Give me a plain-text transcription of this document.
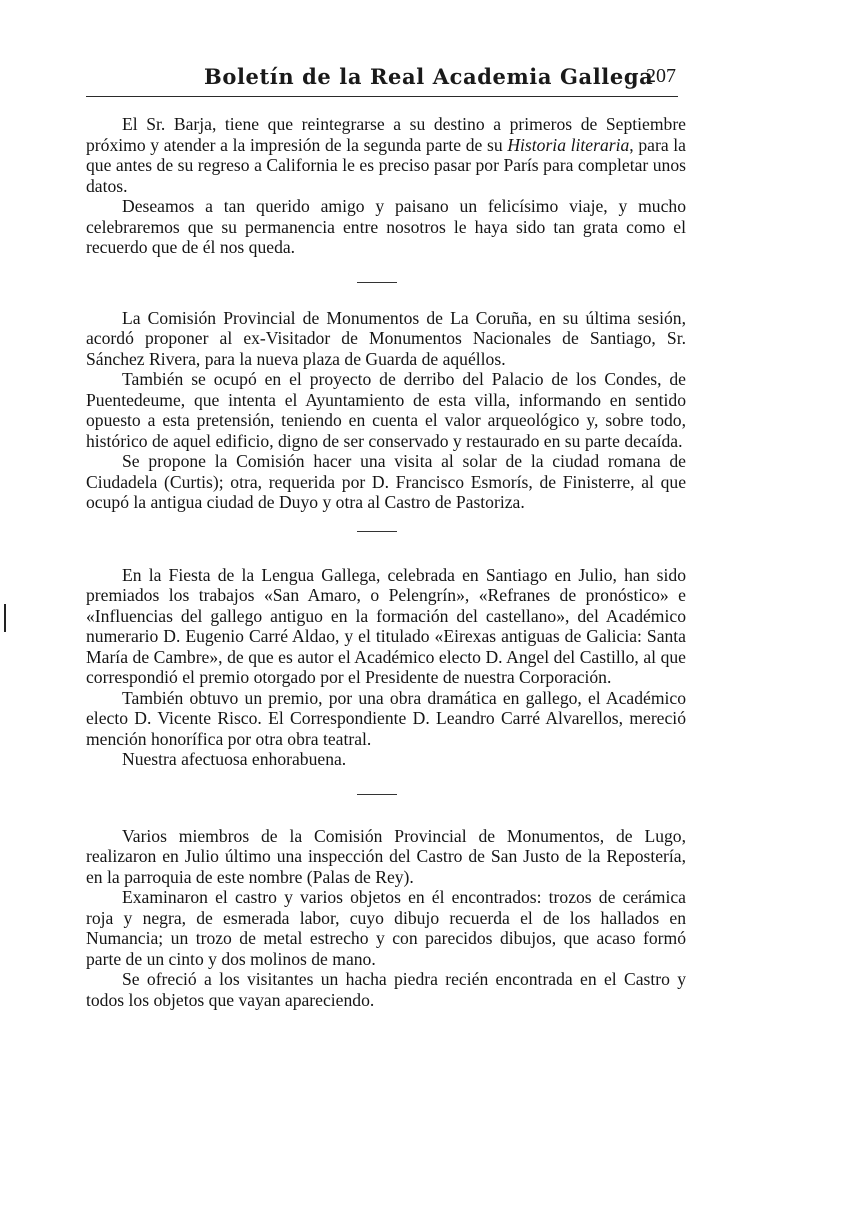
Boletín de la Real Academia Gallega
207

El Sr. Barja, tiene que reintegrarse a su destino a primeros de Septiembre próximo y atender a la impresión de la segunda parte de su Historia literaria, para la que antes de su regreso a California le es preciso pasar por París para completar unos datos.

Deseamos a tan querido amigo y paisano un felicísimo viaje, y mucho celebraremos que su permanencia entre nosotros le haya sido tan grata como el recuerdo que de él nos queda.

La Comisión Provincial de Monumentos de La Coruña, en su última sesión, acordó proponer al ex-Visitador de Monumentos Nacionales de Santiago, Sr. Sánchez Rivera, para la nueva plaza de Guarda de aquéllos.

También se ocupó en el proyecto de derribo del Palacio de los Condes, de Puentedeume, que intenta el Ayuntamiento de esta villa, informando en sentido opuesto a esta pretensión, teniendo en cuenta el valor arqueológico y, sobre todo, histórico de aquel edificio, digno de ser conservado y restaurado en su parte decaída.

Se propone la Comisión hacer una visita al solar de la ciudad romana de Ciudadela (Curtis); otra, requerida por D. Francisco Esmorís, de Finisterre, al que ocupó la antigua ciudad de Duyo y otra al Castro de Pastoriza.

En la Fiesta de la Lengua Gallega, celebrada en Santiago en Julio, han sido premiados los trabajos «San Amaro, o Pelengrín», «Refranes de pronóstico» e «Influencias del gallego antiguo en la formación del castellano», del Académico numerario D. Eugenio Carré Aldao, y el titulado «Eirexas antiguas de Galicia: Santa María de Cambre», de que es autor el Académico electo D. Angel del Castillo, al que correspondió el premio otorgado por el Presidente de nuestra Corporación.

También obtuvo un premio, por una obra dramática en gallego, el Académico electo D. Vicente Risco. El Correspondiente D. Leandro Carré Alvarellos, mereció mención honorífica por otra obra teatral.

Nuestra afectuosa enhorabuena.

Varios miembros de la Comisión Provincial de Monumentos, de Lugo, realizaron en Julio último una inspección del Castro de San Justo de la Repostería, en la parroquia de este nombre (Palas de Rey).

Examinaron el castro y varios objetos en él encontrados: trozos de cerámica roja y negra, de esmerada labor, cuyo dibujo recuerda el de los hallados en Numancia; un trozo de metal estrecho y con parecidos dibujos, que acaso formó parte de un cinto y dos molinos de mano.

Se ofreció a los visitantes un hacha piedra recién encontrada en el Castro y todos los objetos que vayan apareciendo.
